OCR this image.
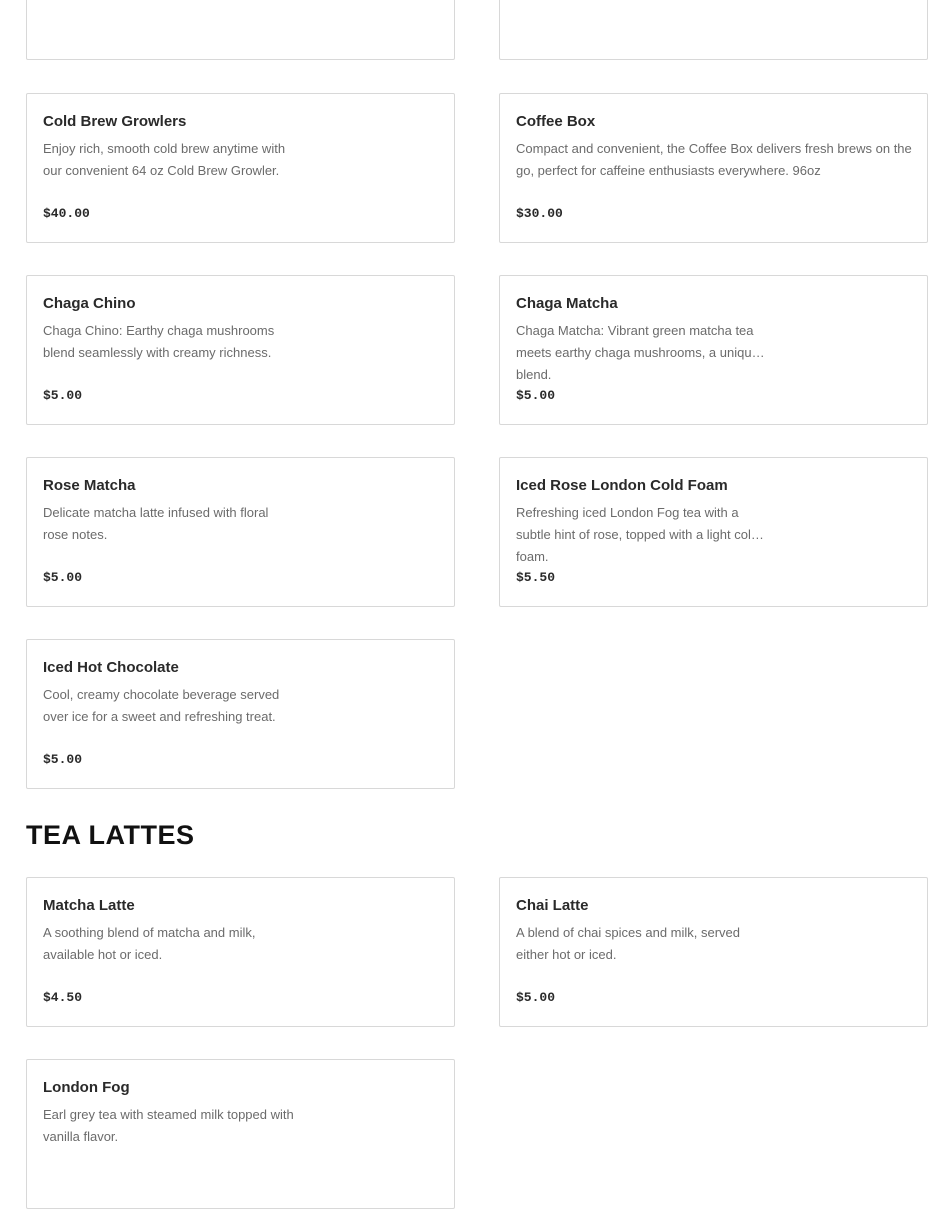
Cold Brew Growlers
Enjoy rich, smooth cold brew anytime with our convenient 64 oz Cold Brew Growler.
$40.00
Coffee Box
Compact and convenient, the Coffee Box delivers fresh brews on the go, perfect for caffeine enthusiasts everywhere. 96oz
$30.00
Chaga Chino
Chaga Chino: Earthy chaga mushrooms blend seamlessly with creamy richness.
$5.00
Chaga Matcha
Chaga Matcha: Vibrant green matcha tea meets earthy chaga mushrooms, a unique blend.
$5.00
Rose Matcha
Delicate matcha latte infused with floral rose notes.
$5.00
Iced Rose London Cold Foam
Refreshing iced London Fog tea with a subtle hint of rose, topped with a light cold foam.
$5.50
Iced Hot Chocolate
Cool, creamy chocolate beverage served over ice for a sweet and refreshing treat.
$5.00
TEA LATTES
Matcha Latte
A soothing blend of matcha and milk, available hot or iced.
$4.50
Chai Latte
A blend of chai spices and milk, served either hot or iced.
$5.00
London Fog
Earl grey tea with steamed milk topped with vanilla flavor.
